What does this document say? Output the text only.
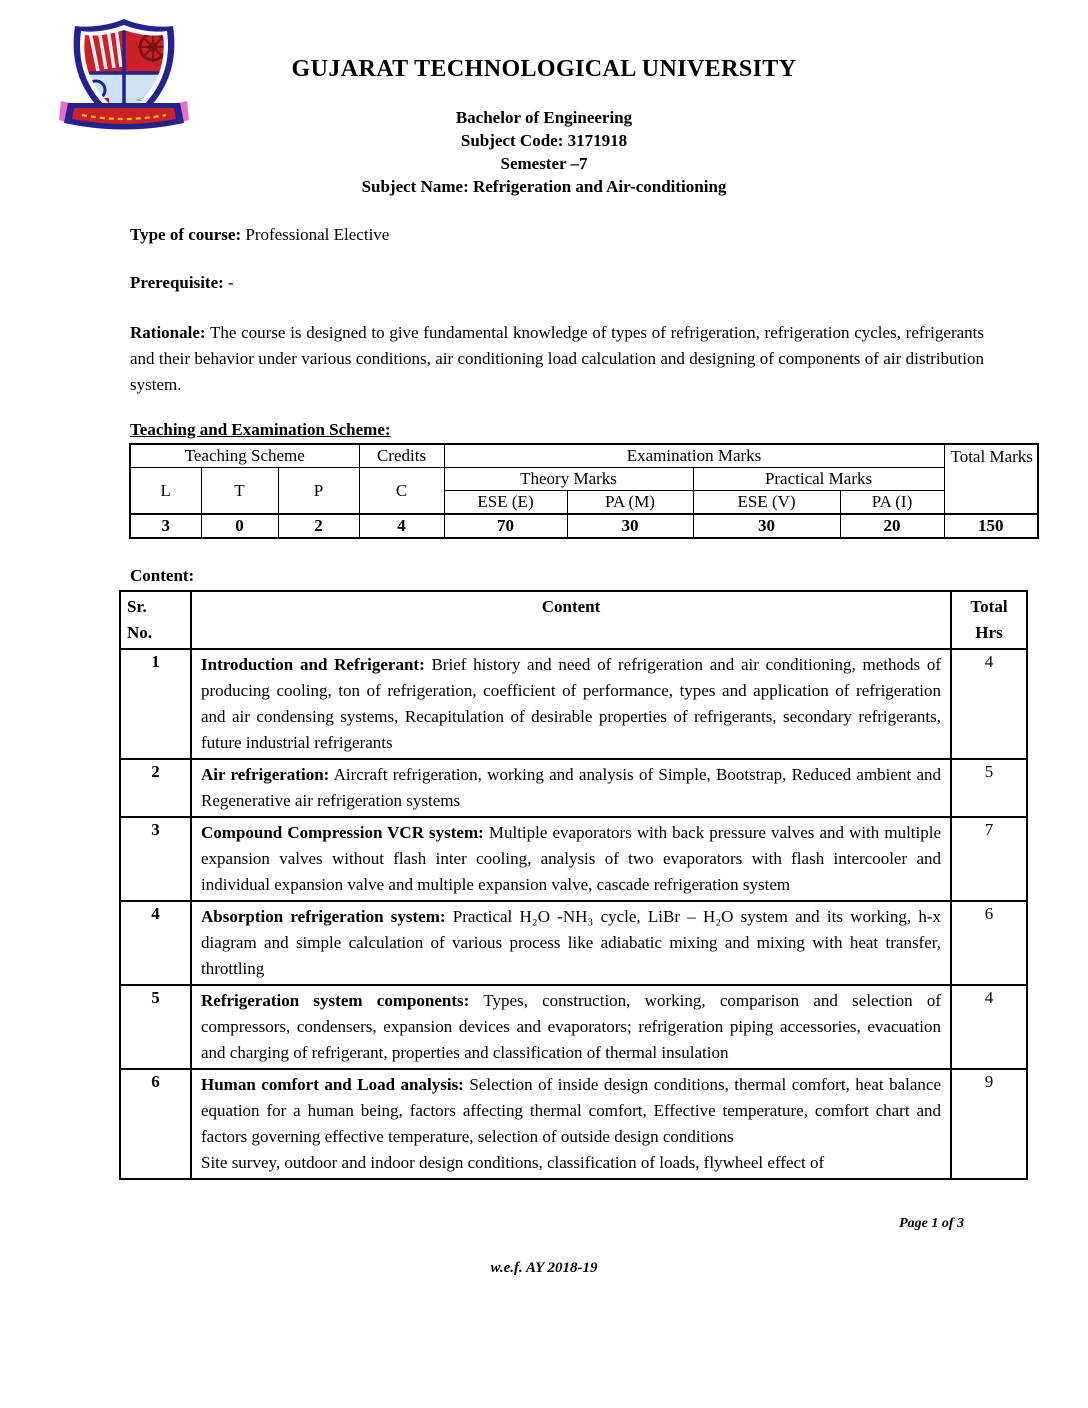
GUJARAT TECHNOLOGICAL UNIVERSITY
Bachelor of Engineering
Subject Code: 3171918
Semester –7
Subject Name: Refrigeration and Air-conditioning

Type of course: Professional Elective

Prerequisite: -

Rationale: The course is designed to give fundamental knowledge of types of refrigeration, refrigeration cycles, refrigerants and their behavior under various conditions, air conditioning load calculation and designing of components of air distribution system.

Teaching and Examination Scheme:
Teaching Scheme			Credits	Examination Marks				Total Marks
L	T	P	C	Theory Marks		Practical Marks		
				ESE (E)	PA (M)	ESE (V)	PA (I)	
3	0	2	4	70	30	30	20	150
Content:
Sr.
No.
	Content	Total
Hrs

1	Introduction and Refrigerant: Brief history and need of refrigeration and air conditioning, methods of producing cooling, ton of refrigeration, coefficient of performance, types and application of refrigeration and air condensing systems, Recapitulation of desirable properties of refrigerants, secondary refrigerants, future industrial refrigerants	4
2	Air refrigeration: Aircraft refrigeration, working and analysis of Simple, Bootstrap, Reduced ambient and Regenerative air refrigeration systems	5
3	Compound Compression VCR system: Multiple evaporators with back pressure valves and with multiple expansion valves without flash inter cooling, analysis of two evaporators with flash intercooler and individual expansion valve and multiple expansion valve, cascade refrigeration system	7
4	Absorption refrigeration system: Practical H₂O -NH₃ cycle, LiBr – H₂O system and its working, h-x diagram and simple calculation of various process like adiabatic mixing and mixing with heat transfer, throttling	6
5	Refrigeration system components: Types, construction, working, comparison and selection of compressors, condensers, expansion devices and evaporators; refrigeration piping accessories, evacuation and charging of refrigerant, properties and classification of thermal insulation	4
6	Human comfort and Load analysis: Selection of inside design conditions, thermal comfort, heat balance equation for a human being, factors affecting thermal comfort, Effective temperature, comfort chart and factors governing effective temperature, selection of outside design conditions
Site survey, outdoor and indoor design conditions, classification of loads, flywheel effect of	9
Page 1 of 3
w.e.f. AY 2018-19
